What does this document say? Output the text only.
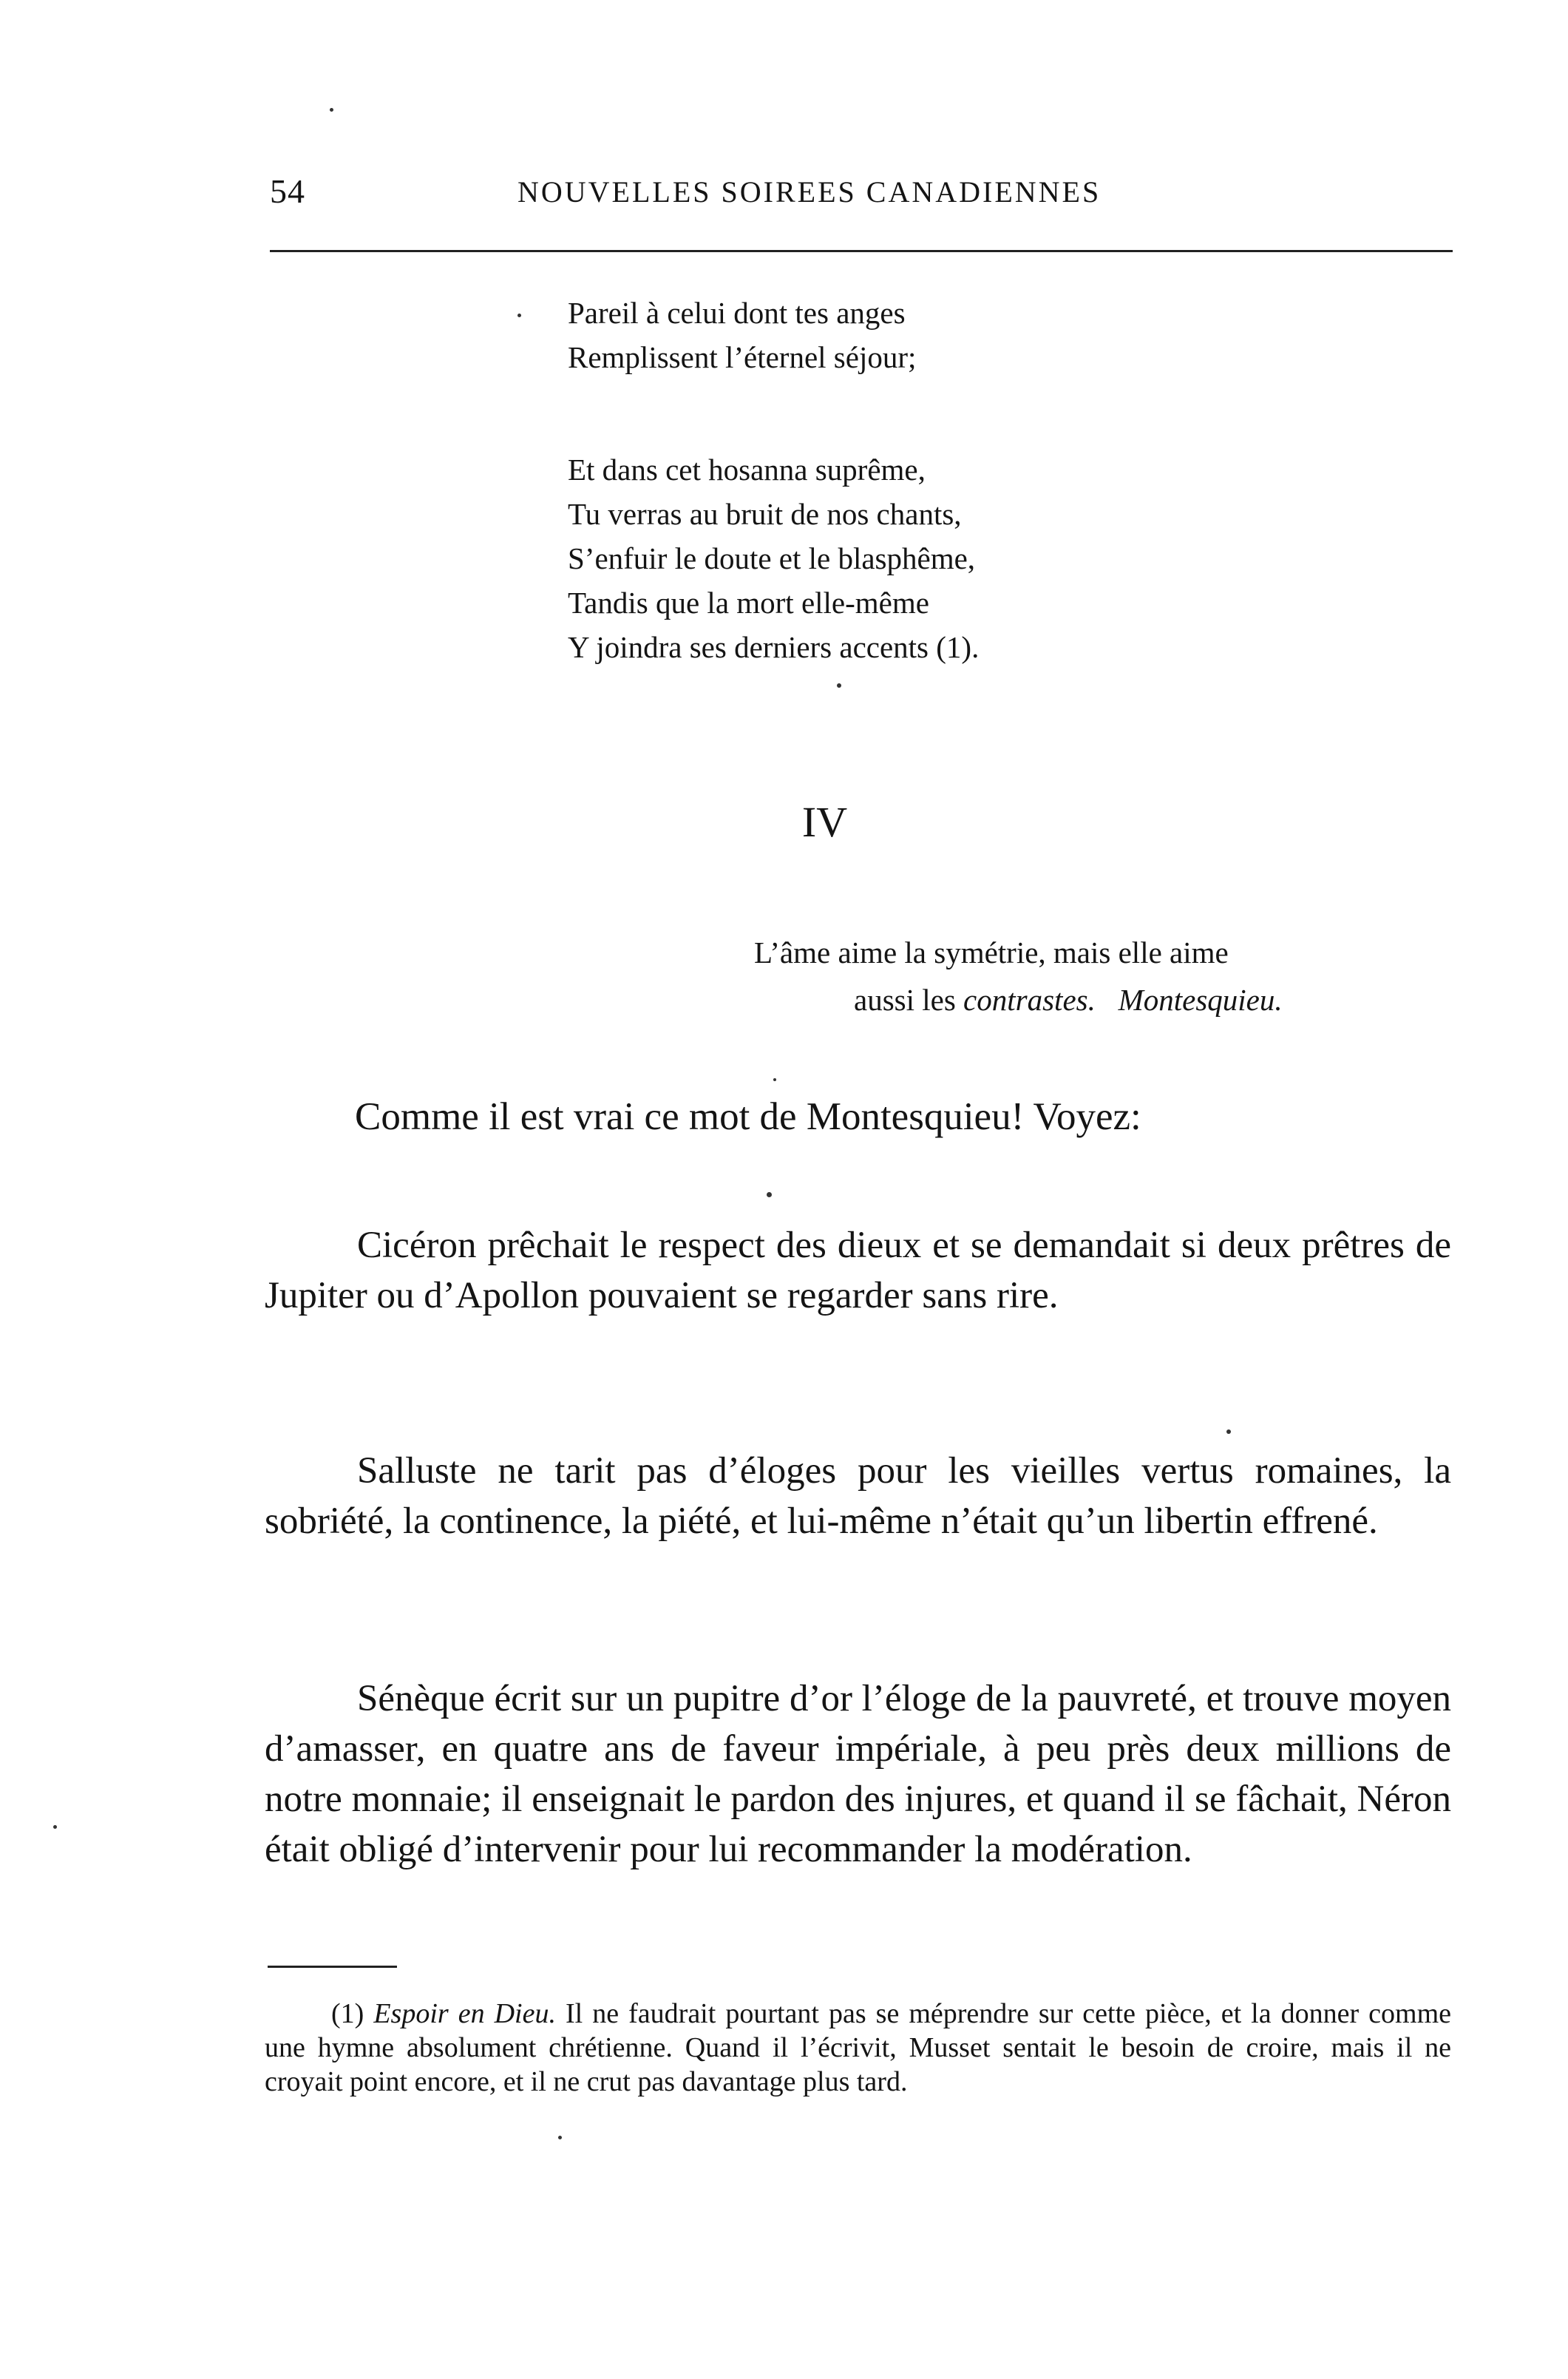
54	NOUVELLES SOIREES CANADIENNES
Pareil à celui dont tes anges
Remplissent l’éternel séjour;
Et dans cet hosanna suprême,
Tu verras au bruit de nos chants,
S’enfuir le doute et le blasphême,
Tandis que la mort elle-même
Y joindra ses derniers accents (1).
IV
L’âme aime la symétrie, mais elle aime
aussi les contrastes. Montesquieu.
Comme il est vrai ce mot de Montesquieu! Voyez:

Cicéron prêchait le respect des dieux et se demandait si deux prêtres de Jupiter ou d’Apollon pouvaient se regarder sans rire.

Salluste ne tarit pas d’éloges pour les vieilles vertus romaines, la sobriété, la continence, la piété, et lui-même n’était qu’un libertin effrené.

Sénèque écrit sur un pupitre d’or l’éloge de la pauvreté, et trouve moyen d’amasser, en quatre ans de faveur impériale, à peu près deux millions de notre monnaie; il enseignait le pardon des injures, et quand il se fâchait, Néron était obligé d’intervenir pour lui recommander la modération.

(1) Espoir en Dieu. Il ne faudrait pourtant pas se méprendre sur cette pièce, et la donner comme une hymne absolument chrétienne. Quand il l’écrivit, Musset sentait le besoin de croire, mais il ne croyait point encore, et il ne crut pas davantage plus tard.
